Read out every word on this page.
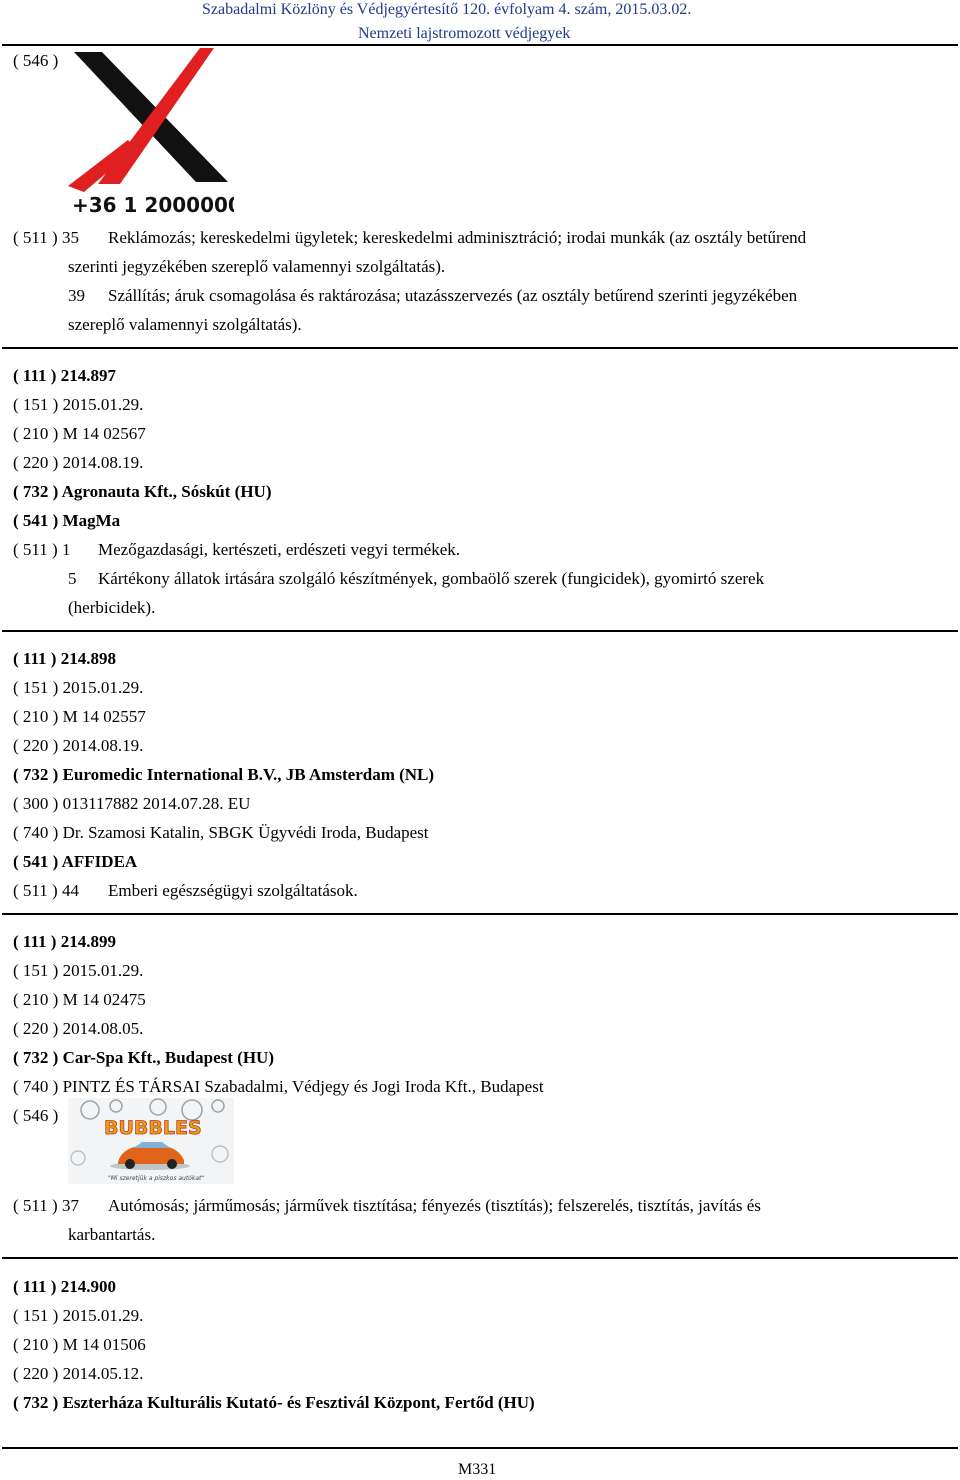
Szabadalmi Közlöny és Védjegyértesítő 120. évfolyam 4. szám, 2015.03.02.
Nemzeti lajstromozott védjegyek
( 546 )
+36 1 2000000
( 511 ) 35 Reklámozás; kereskedelmi ügyletek; kereskedelmi adminisztráció; irodai munkák (az osztály betűrend
szerinti jegyzékében szereplő valamennyi szolgáltatás).
39 Szállítás; áruk csomagolása és raktározása; utazásszervezés (az osztály betűrend szerinti jegyzékében
szereplő valamennyi szolgáltatás).
( 111 ) 214.897
( 151 ) 2015.01.29.
( 210 ) M 14 02567
( 220 ) 2014.08.19.
( 732 ) Agronauta Kft., Sóskút (HU)
( 541 ) MagMa
( 511 ) 1 Mezőgazdasági, kertészeti, erdészeti vegyi termékek.
5 Kártékony állatok irtására szolgáló készítmények, gombaölő szerek (fungicidek), gyomirtó szerek
(herbicidek).
( 111 ) 214.898
( 151 ) 2015.01.29.
( 210 ) M 14 02557
( 220 ) 2014.08.19.
( 732 ) Euromedic International B.V., JB Amsterdam (NL)
( 300 ) 013117882 2014.07.28. EU
( 740 ) Dr. Szamosi Katalin, SBGK Ügyvédi Iroda, Budapest
( 541 ) AFFIDEA
( 511 ) 44 Emberi egészségügyi szolgáltatások.
( 111 ) 214.899
( 151 ) 2015.01.29.
( 210 ) M 14 02475
( 220 ) 2014.08.05.
( 732 ) Car-Spa Kft., Budapest (HU)
( 740 ) PINTZ ÉS TÁRSAI Szabadalmi, Védjegy és Jogi Iroda Kft., Budapest
( 546 )
BUBBLES
"Mi szeretjük a piszkos autókat"
( 511 ) 37 Autómosás; járműmosás; járművek tisztítása; fényezés (tisztítás); felszerelés, tisztítás, javítás és
karbantartás.
( 111 ) 214.900
( 151 ) 2015.01.29.
( 210 ) M 14 01506
( 220 ) 2014.05.12.
( 732 ) Eszterháza Kulturális Kutató- és Fesztivál Központ, Fertőd (HU)
M331
